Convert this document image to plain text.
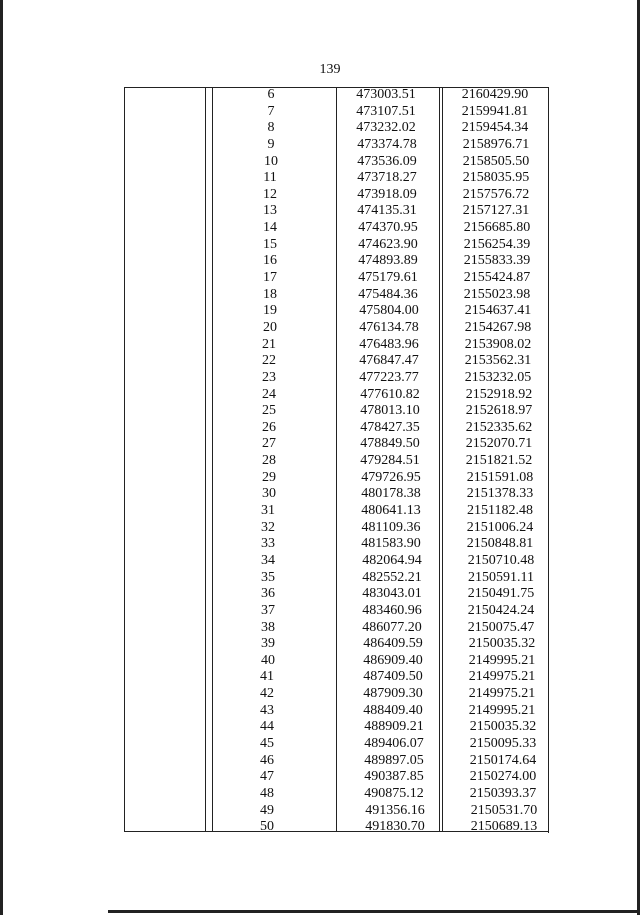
139
6	473003.51	2160429.90
7	473107.51	2159941.81
8	473232.02	2159454.34
9	473374.78	2158976.71
10	473536.09	2158505.50
11	473718.27	2158035.95
12	473918.09	2157576.72
13	474135.31	2157127.31
14	474370.95	2156685.80
15	474623.90	2156254.39
16	474893.89	2155833.39
17	475179.61	2155424.87
18	475484.36	2155023.98
19	475804.00	2154637.41
20	476134.78	2154267.98
21	476483.96	2153908.02
22	476847.47	2153562.31
23	477223.77	2153232.05
24	477610.82	2152918.92
25	478013.10	2152618.97
26	478427.35	2152335.62
27	478849.50	2152070.71
28	479284.51	2151821.52
29	479726.95	2151591.08
30	480178.38	2151378.33
31	480641.13	2151182.48
32	481109.36	2151006.24
33	481583.90	2150848.81
34	482064.94	2150710.48
35	482552.21	2150591.11
36	483043.01	2150491.75
37	483460.96	2150424.24
38	486077.20	2150075.47
39	486409.59	2150035.32
40	486909.40	2149995.21
41	487409.50	2149975.21
42	487909.30	2149975.21
43	488409.40	2149995.21
44	488909.21	2150035.32
45	489406.07	2150095.33
46	489897.05	2150174.64
47	490387.85	2150274.00
48	490875.12	2150393.37
49	491356.16	2150531.70
50	491830.70	2150689.13
